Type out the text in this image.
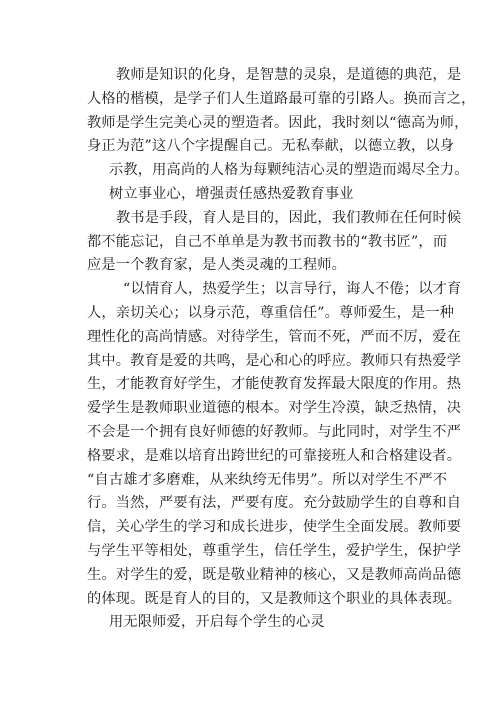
教师是知识的化身，是智慧的灵泉，是道德的典范，是
人格的楷模，是学子们人生道路最可靠的引路人。换而言之，
教师是学生完美心灵的塑造者。因此，我时刻以“德高为师，
身正为范”这八个字提醒自己。无私奉献，以德立教，以身
示教，用高尚的人格为每颗纯洁心灵的塑造而竭尽全力。
树立事业心，增强责任感热爱教育事业
教书是手段，育人是目的，因此，我们教师在任何时候
都不能忘记，自己不单单是为教书而教书的“教书匠”，而
应是一个教育家，是人类灵魂的工程师。
“以情育人，热爱学生；以言导行，诲人不倦；以才育
人，亲切关心；以身示范，尊重信任”。尊师爱生，是一种
理性化的高尚情感。对待学生，管而不死，严而不厉，爱在
其中。教育是爱的共鸣，是心和心的呼应。教师只有热爱学
生，才能教育好学生，才能使教育发挥最大限度的作用。热
爱学生是教师职业道德的根本。对学生冷漠，缺乏热情，决
不会是一个拥有良好师德的好教师。与此同时，对学生不严
格要求，是难以培育出跨世纪的可靠接班人和合格建设者。
“自古雄才多磨难，从来纨绔无伟男”。所以对学生不严不
行。当然，严要有法，严要有度。充分鼓励学生的自尊和自
信，关心学生的学习和成长进步，使学生全面发展。教师要
与学生平等相处，尊重学生，信任学生，爱护学生，保护学
生。对学生的爱，既是敬业精神的核心，又是教师高尚品德
的体现。既是育人的目的，又是教师这个职业的具体表现。
用无限师爱，开启每个学生的心灵
